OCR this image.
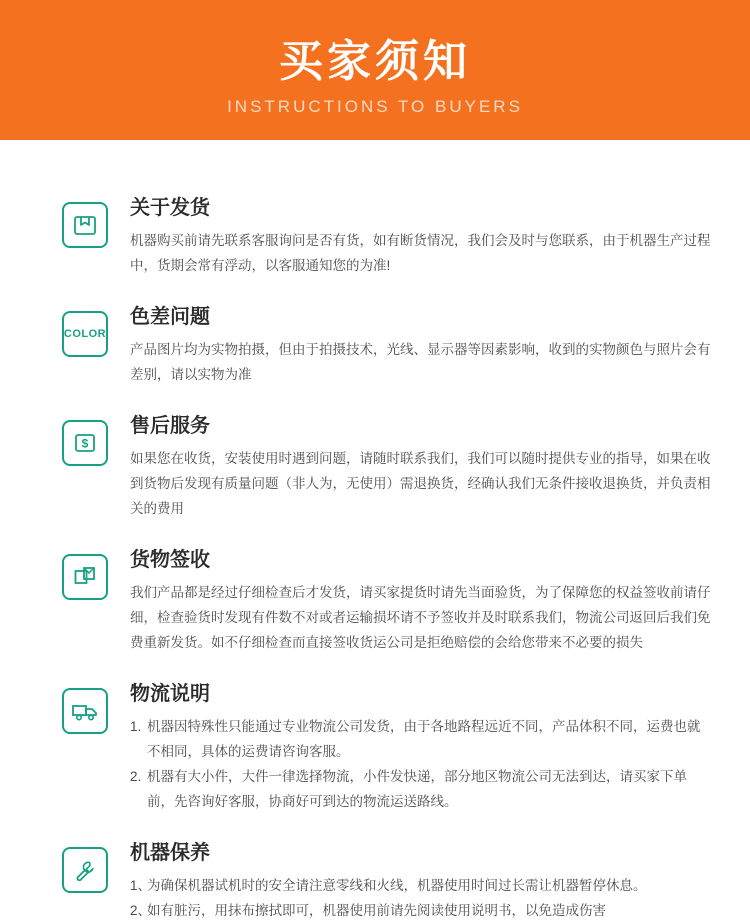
买家须知
INSTRUCTIONS TO BUYERS
关于发货

机器购买前请先联系客服询问是否有货，如有断货情况，我们会及时与您联系，由于机器生产过程中，货期会常有浮动，以客服通知您的为准!

COLOR
色差问题

产品图片均为实物拍摄，但由于拍摄技术，光线、显示器等因素影响，收到的实物颜色与照片会有差别，请以实物为准

$
售后服务

如果您在收货，安装使用时遇到问题，请随时联系我们，我们可以随时提供专业的指导，如果在收到货物后发现有质量问题（非人为，无使用）需退换货，经确认我们无条件接收退换货，并负责相关的费用

货物签收

我们产品都是经过仔细检查后才发货，请买家提货时请先当面验货，为了保障您的权益签收前请仔细，检查验货时发现有件数不对或者运输损坏请不予签收并及时联系我们，物流公司返回后我们免费重新发货。如不仔细检查而直接签收货运公司是拒绝赔偿的会给您带来不必要的损失

物流说明
1. 机器因特殊性只能通过专业物流公司发货，由于各地路程远近不同，产品体积不同，运费也就不相同，具体的运费请咨询客服。
2. 机器有大小件，大件一律选择物流，小件发快递，部分地区物流公司无法到达，请买家下单前，先咨询好客服，协商好可到达的物流运送路线。
机器保养
1、
为确保机器试机时的安全请注意零线和火线，机器使用时间过长需让机器暂停休息。
2、
如有脏污，用抹布擦拭即可，机器使用前请先阅读使用说明书，以免造成伤害
